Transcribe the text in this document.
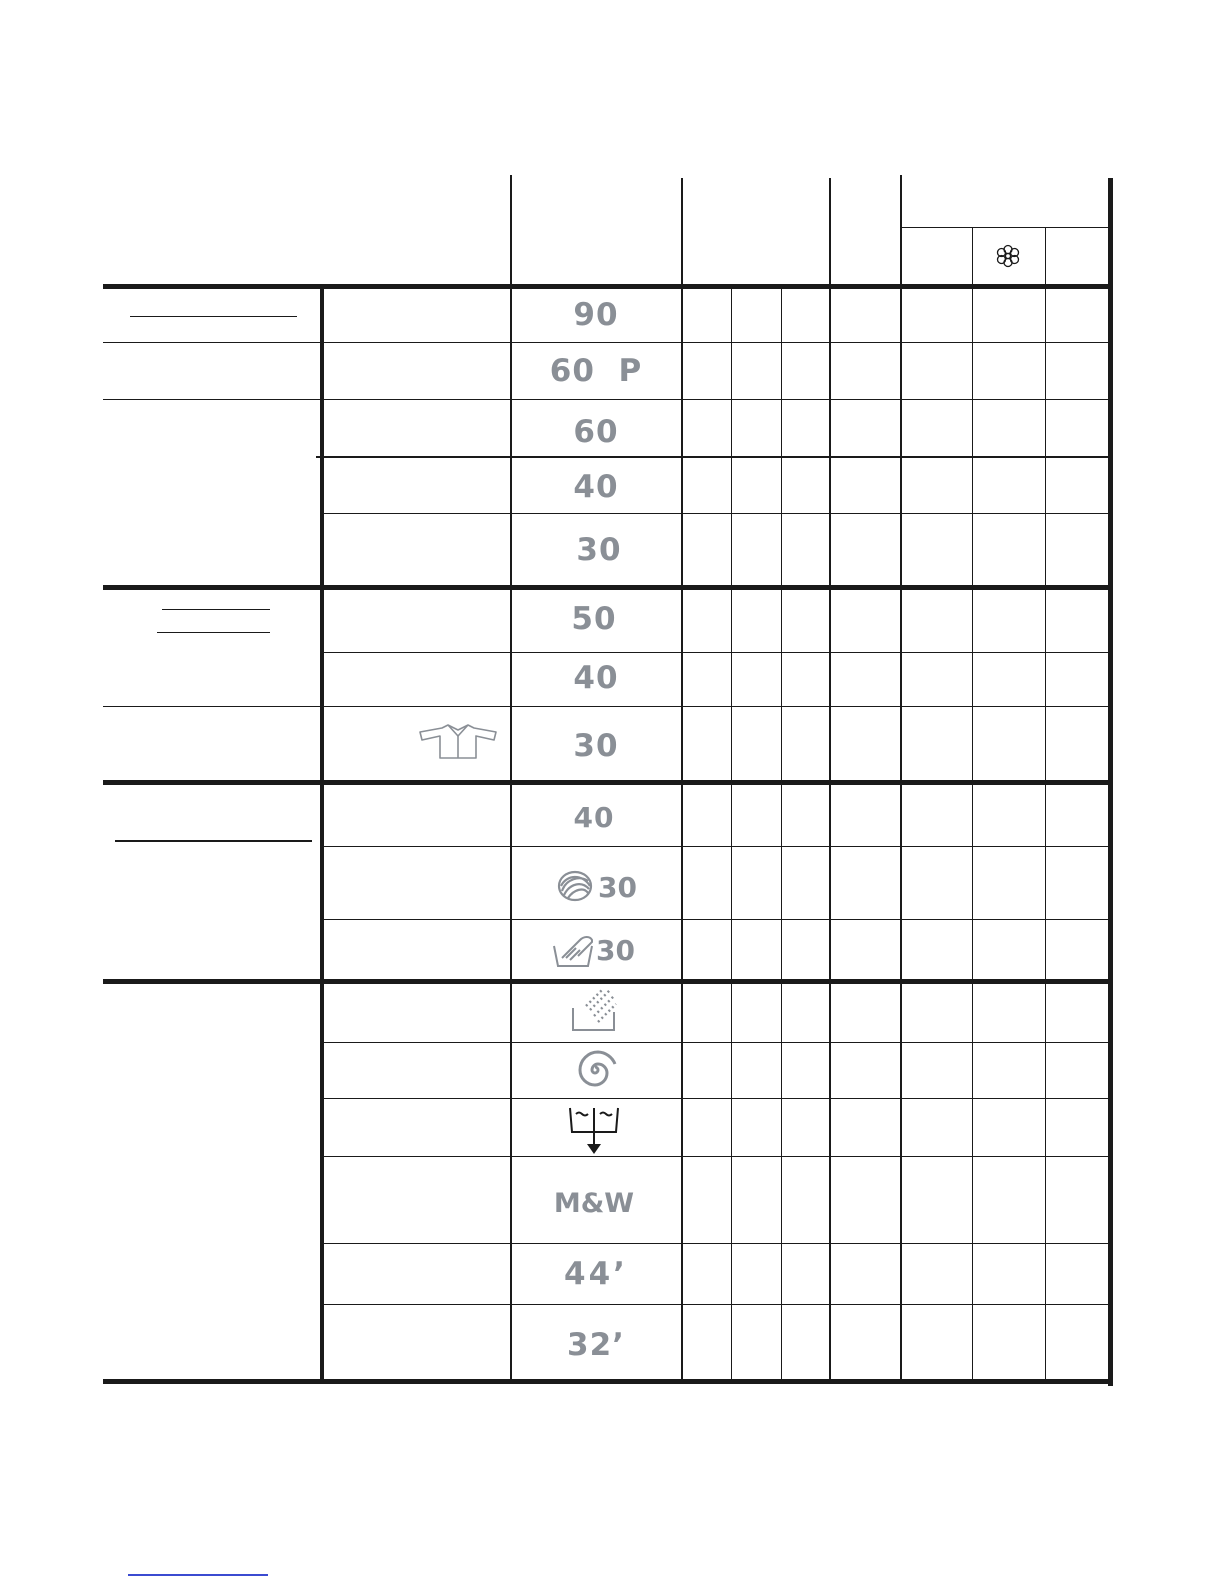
90
60  P
60
40
30
50
40
30
40
30
30
M&W
44’
32’
